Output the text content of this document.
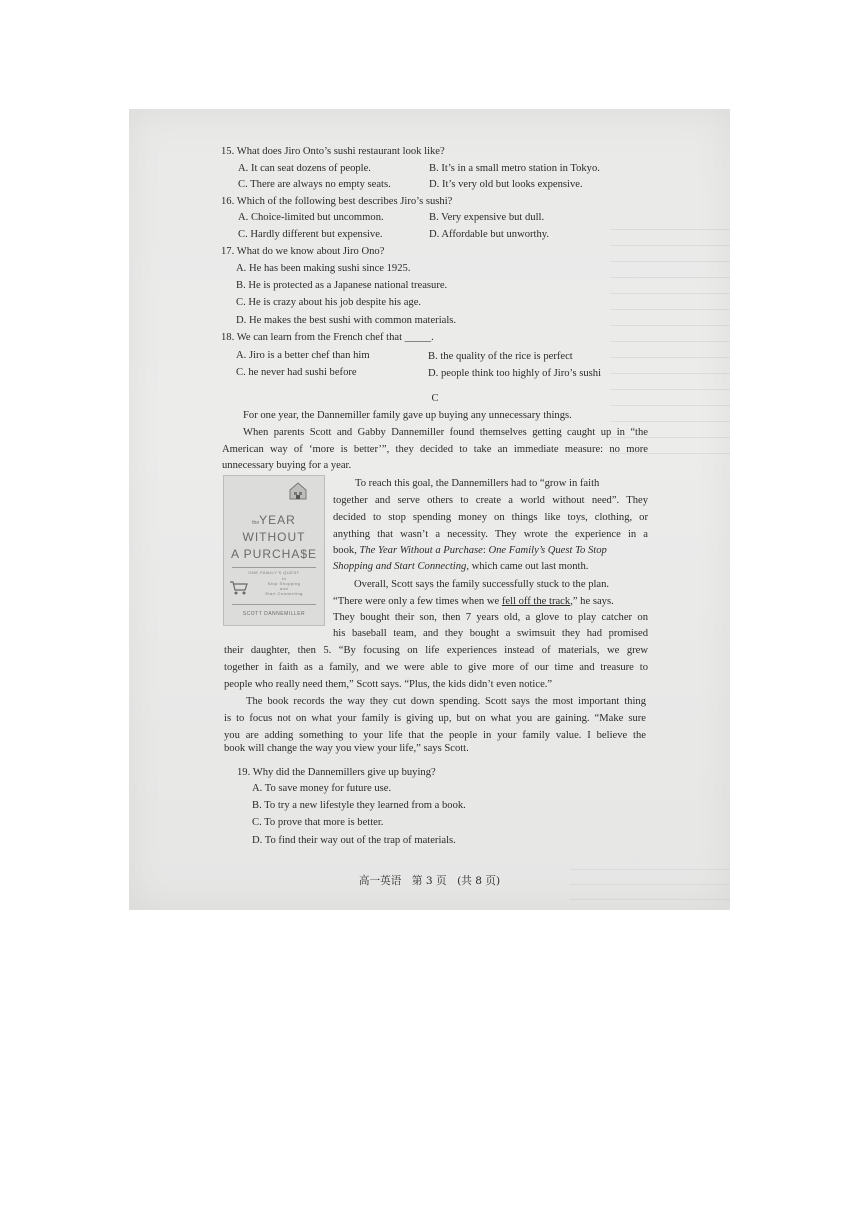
15. What does Jiro Onto’s sushi restaurant look like?
A. It can seat dozens of people.	B. It’s in a small metro station in Tokyo.
C. There are always no empty seats.	D. It’s very old but looks expensive.
16. Which of the following best describes Jiro’s sushi?
A. Choice-limited but uncommon.	B. Very expensive but dull.
C. Hardly different but expensive.	D. Affordable but unworthy.
17. What do we know about Jiro Ono?
A. He has been making sushi since 1925.
B. He is protected as a Japanese national treasure.
C. He is crazy about his job despite his age.
D. He makes the best sushi with common materials.
18. We can learn from the French chef that _____.
A. Jiro is a better chef than him	B. the quality of the rice is perfect
C. he never had sushi before	D. people think too highly of Jiro’s sushi
C
For one year, the Dannemiller family gave up buying any unnecessary things.
When parents Scott and Gabby Dannemiller found themselves getting caught up in “the
American way of ‘more is better’”, they decided to take an immediate measure: no more
unnecessary buying for a year.
theYEAR
WITHOUT
A PURCHA$E
ONE FAMILY’S QUEST
to
Stop Shopping
and
Start Connecting
SCOTT DANNEMILLER
To reach this goal, the Dannemillers had to “grow in faith
together and serve others to create a world without need”. They
decided to stop spending money on things like toys, clothing, or
anything that wasn’t a necessity. They wrote the experience in a
book, The Year Without a Purchase: One Family’s Quest To Stop
Shopping and Start Connecting, which came out last month.
Overall, Scott says the family successfully stuck to the plan.
“There were only a few times when we fell off the track,” he says.
They bought their son, then 7 years old, a glove to play catcher on
his baseball team, and they bought a swimsuit they had promised
their daughter, then 5. “By focusing on life experiences instead of materials, we grew
together in faith as a family, and we were able to give more of our time and treasure to
people who really need them,” Scott says. “Plus, the kids didn’t even notice.”
The book records the way they cut down spending. Scott says the most important thing
is to focus not on what your family is giving up, but on what you are gaining. “Make sure
you are adding something to your life that the people in your family value. I believe the
book will change the way you view your life,” says Scott.
19. Why did the Dannemillers give up buying?
A. To save money for future use.
B. To try a new lifestyle they learned from a book.
C. To prove that more is better.
D. To find their way out of the trap of materials.
高一英语　第 3 页　(共 8 页)
